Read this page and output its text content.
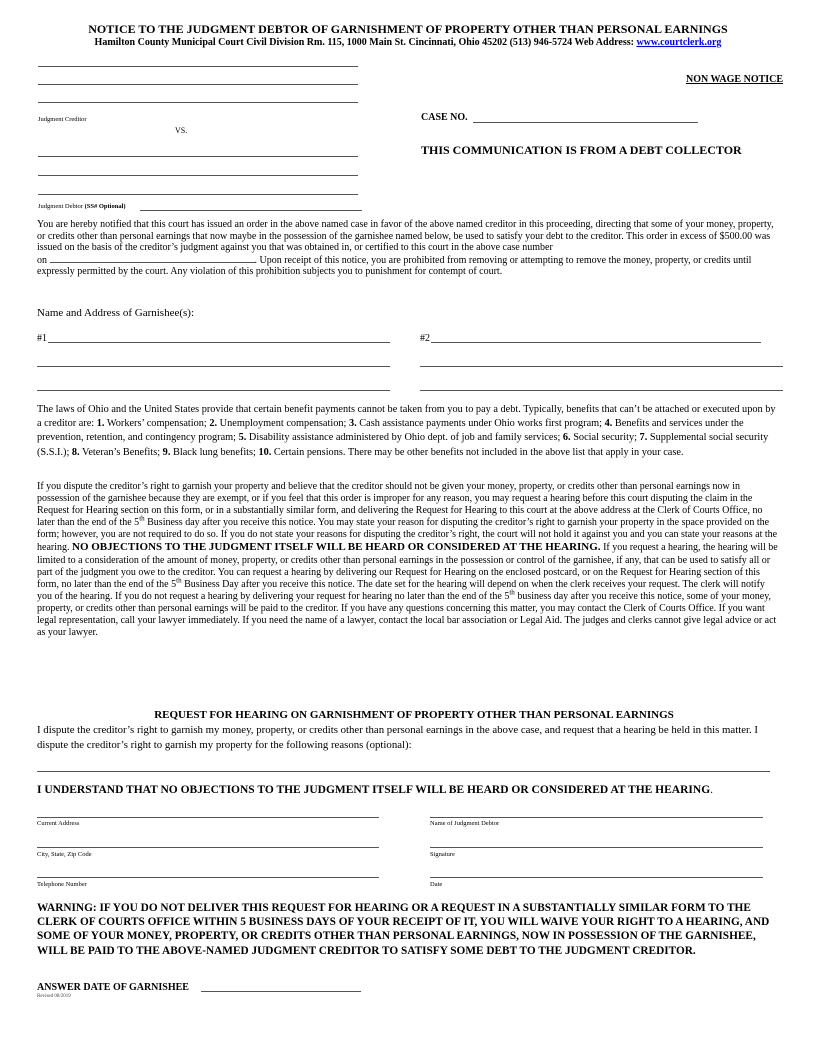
NOTICE TO THE JUDGMENT DEBTOR OF GARNISHMENT OF PROPERTY OTHER THAN PERSONAL EARNINGS
Hamilton County Municipal Court Civil Division Rm. 115, 1000 Main St. Cincinnati, Ohio 45202 (513) 946-5724 Web Address: www.courtclerk.org
Judgment Creditor
VS.
Judgment Debtor (SS# Optional)
NON WAGE NOTICE
CASE NO.
THIS COMMUNICATION IS FROM A DEBT COLLECTOR
You are hereby notified that this court has issued an order in the above named case in favor of the above named creditor in this proceeding, directing that some of your money, property, or credits other than personal earnings that now maybe in the possession of the garnishee named below, be used to satisfy your debt to the creditor. This order in excess of $500.00 was issued on the basis of the creditor’s judgment against you that was obtained in, or certified to this court in the above case number
on	. Upon receipt of this notice, you are prohibited from removing or attempting to remove the money, property, or credits until expressly permitted by the court. Any violation of this prohibition subjects you to punishment for contempt of court.
Name and Address of Garnishee(s):
#1	#2
The laws of Ohio and the United States provide that certain benefit payments cannot be taken from you to pay a debt. Typically, benefits that can’t be attached or executed upon by a creditor are: 1. Workers’ compensation; 2. Unemployment compensation; 3. Cash assistance payments under Ohio works first program; 4. Benefits and services under the prevention, retention, and contingency program; 5. Disability assistance administered by Ohio dept. of job and family services; 6. Social security; 7. Supplemental social security (S.S.I.); 8. Veteran’s Benefits; 9. Black lung benefits; 10. Certain pensions. There may be other benefits not included in the above list that apply in your case.
If you dispute the creditor’s right to garnish your property and believe that the creditor should not be given your money, property, or credits other than personal earnings now in possession of the garnishee because they are exempt, or if you feel that this order is improper for any reason, you may request a hearing before this court disputing the claim in the Request for Hearing section on this form, or in a substantially similar form, and delivering the Request for Hearing to this court at the above address at the Clerk of Courts Office, no later than the end of the 5th Business day after you receive this notice. You may state your reason for disputing the creditor’s right to garnish your property in the space provided on the form; however, you are not required to do so. If you do not state your reasons for disputing the creditor’s right, the court will not hold it against you and you can state your reasons at the hearing. NO OBJECTIONS TO THE JUDGMENT ITSELF WILL BE HEARD OR CONSIDERED AT THE HEARING. If you request a hearing, the hearing will be limited to a consideration of the amount of money, property, or credits other than personal earnings in the possession or control of the garnishee, if any, that can be used to satisfy all or part of the judgment you owe to the creditor. You can request a hearing by delivering our Request for Hearing on the enclosed postcard, or on the Request for Hearing section of this form, no later than the end of the 5th Business Day after you receive this notice. The date set for the hearing will depend on when the clerk receives your request. The clerk will notify you of the hearing. If you do not request a hearing by delivering your request for hearing no later than the end of the 5th business day after you receive this notice, some of your money, property, or credits other than personal earnings will be paid to the creditor. If you have any questions concerning this matter, you may contact the Clerk of Courts Office. If you want legal representation, call your lawyer immediately. If you need the name of a lawyer, contact the local bar association or Legal Aid. The judges and clerks cannot give legal advice or act as your lawyer.
REQUEST FOR HEARING ON GARNISHMENT OF PROPERTY OTHER THAN PERSONAL EARNINGS
I dispute the creditor’s right to garnish my money, property, or credits other than personal earnings in the above case, and request that a hearing be held in this matter. I dispute the creditor’s right to garnish my property for the following reasons (optional):
I UNDERSTAND THAT NO OBJECTIONS TO THE JUDGMENT ITSELF WILL BE HEARD OR CONSIDERED AT THE HEARING.
Current Address	Name of Judgment Debtor
City, State, Zip Code	Signature
Telephone Number	Date
WARNING: IF YOU DO NOT DELIVER THIS REQUEST FOR HEARING OR A REQUEST IN A SUBSTANTIALLY SIMILAR FORM TO THE CLERK OF COURTS OFFICE WITHIN 5 BUSINESS DAYS OF YOUR RECEIPT OF IT, YOU WILL WAIVE YOUR RIGHT TO A HEARING, AND SOME OF YOUR MONEY, PROPERTY, OR CREDITS OTHER THAN PERSONAL EARNINGS, NOW IN POSSESSION OF THE GARNISHEE, WILL BE PAID TO THE ABOVE-NAMED JUDGMENT CREDITOR TO SATISFY SOME DEBT TO THE JUDGMENT CREDITOR.
ANSWER DATE OF GARNISHEE
Revised 08/2019
